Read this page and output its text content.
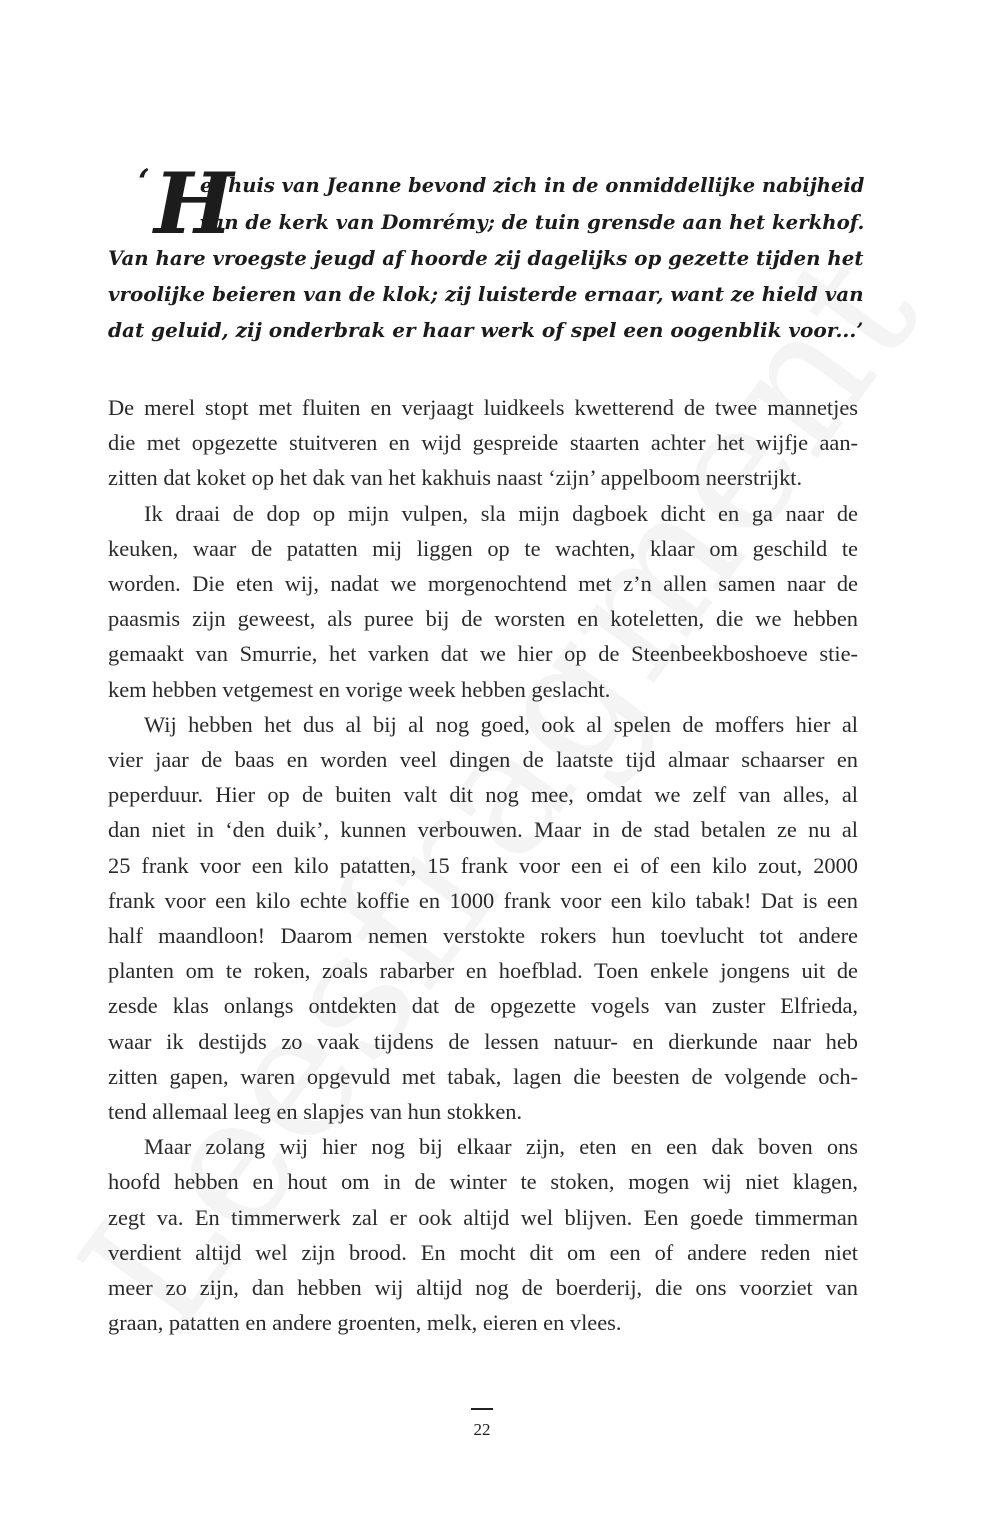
‘ H
et huis van Jeanne bevond zich in de onmiddellijke nabijheid
van de kerk van Domrémy; de tuin grensde aan het kerkhof.
Van hare vroegste jeugd af hoorde zij dagelijks op gezette tijden het
vroolijke beieren van de klok; zij luisterde ernaar, want ze hield van
dat geluid, zij onderbrak er haar werk of spel een oogenblik voor...’
De merel stopt met fluiten en verjaagt luidkeels kwetterend de twee mannetjes
die met opgezette stuitveren en wijd gespreide staarten achter het wijfje aan-
zitten dat koket op het dak van het kakhuis naast ‘zijn’ appelboom neerstrijkt.
Ik draai de dop op mijn vulpen, sla mijn dagboek dicht en ga naar de
keuken, waar de patatten mij liggen op te wachten, klaar om geschild te
worden. Die eten wij, nadat we morgenochtend met z’n allen samen naar de
paasmis zijn geweest, als puree bij de worsten en koteletten, die we hebben
gemaakt van Smurrie, het varken dat we hier op de Steenbeekboshoeve stie-
kem hebben vetgemest en vorige week hebben geslacht.
Wij hebben het dus al bij al nog goed, ook al spelen de moffers hier al
vier jaar de baas en worden veel dingen de laatste tijd almaar schaarser en
peperduur. Hier op de buiten valt dit nog mee, omdat we zelf van alles, al
dan niet in ‘den duik’, kunnen verbouwen. Maar in de stad betalen ze nu al
25 frank voor een kilo patatten, 15 frank voor een ei of een kilo zout, 2000
frank voor een kilo echte koffie en 1000 frank voor een kilo tabak! Dat is een
half maandloon! Daarom nemen verstokte rokers hun toevlucht tot andere
planten om te roken, zoals rabarber en hoefblad. Toen enkele jongens uit de
zesde klas onlangs ontdekten dat de opgezette vogels van zuster Elfrieda,
waar ik destijds zo vaak tijdens de lessen natuur- en dierkunde naar heb
zitten gapen, waren opgevuld met tabak, lagen die beesten de volgende och-
tend allemaal leeg en slapjes van hun stokken.
Maar zolang wij hier nog bij elkaar zijn, eten en een dak boven ons
hoofd hebben en hout om in de winter te stoken, mogen wij niet klagen,
zegt va. En timmerwerk zal er ook altijd wel blijven. Een goede timmerman
verdient altijd wel zijn brood. En mocht dit om een of andere reden niet
meer zo zijn, dan hebben wij altijd nog de boerderij, die ons voorziet van
graan, patatten en andere groenten, melk, eieren en vlees.
22
